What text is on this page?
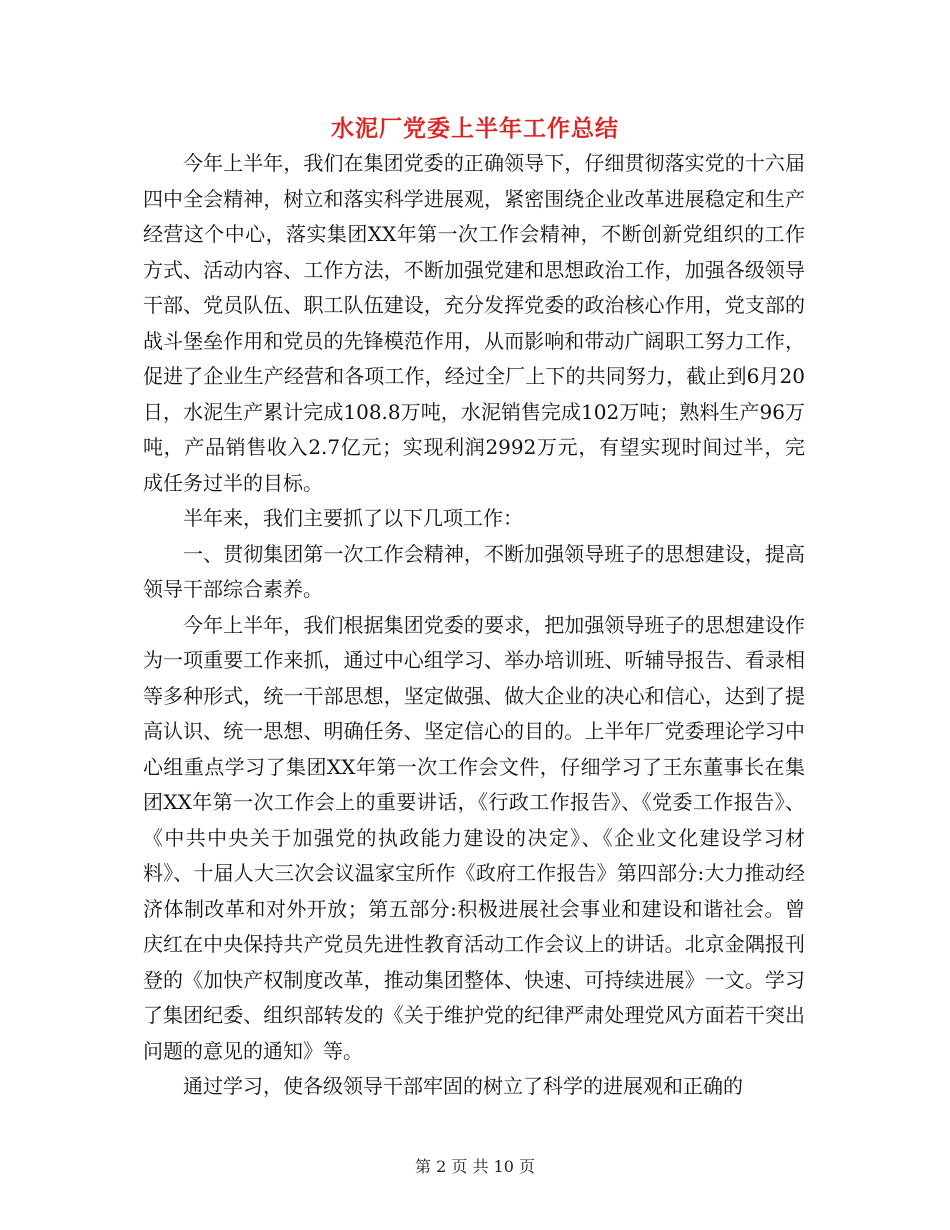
水泥厂党委上半年工作总结

今年上半年，我们在集团党委的正确领导下，仔细贯彻落实党的十六届四中全会精神，树立和落实科学进展观，紧密围绕企业改革进展稳定和生产经营这个中心，落实集团XX年第一次工作会精神，不断创新党组织的工作方式、活动内容、工作方法，不断加强党建和思想政治工作，加强各级领导干部、党员队伍、职工队伍建设，充分发挥党委的政治核心作用，党支部的战斗堡垒作用和党员的先锋模范作用，从而影响和带动广阔职工努力工作，促进了企业生产经营和各项工作，经过全厂上下的共同努力，截止到6月20日，水泥生产累计完成108.8万吨，水泥销售完成102万吨；熟料生产96万吨，产品销售收入2.7亿元；实现利润2992万元，有望实现时间过半，完成任务过半的目标。

半年来，我们主要抓了以下几项工作：

一、贯彻集团第一次工作会精神，不断加强领导班子的思想建设，提高领导干部综合素养。

今年上半年，我们根据集团党委的要求，把加强领导班子的思想建设作为一项重要工作来抓，通过中心组学习、举办培训班、听辅导报告、看录相等多种形式，统一干部思想，坚定做强、做大企业的决心和信心，达到了提高认识、统一思想、明确任务、坚定信心的目的。上半年厂党委理论学习中心组重点学习了集团XX年第一次工作会文件，仔细学习了王东董事长在集团XX年第一次工作会上的重要讲话，《行政工作报告》、《党委工作报告》、《中共中央关于加强党的执政能力建设的决定》、《企业文化建设学习材料》、十届人大三次会议温家宝所作《政府工作报告》第四部分:大力推动经济体制改革和对外开放；第五部分:积极进展社会事业和建设和谐社会。曾庆红在中央保持共产党员先进性教育活动工作会议上的讲话。北京金隅报刊登的《加快产权制度改革，推动集团整体、快速、可持续进展》一文。学习了集团纪委、组织部转发的《关于维护党的纪律严肃处理党风方面若干突出问题的意见的通知》等。

通过学习，使各级领导干部牢固的树立了科学的进展观和正确的

第 2 页 共 10 页
